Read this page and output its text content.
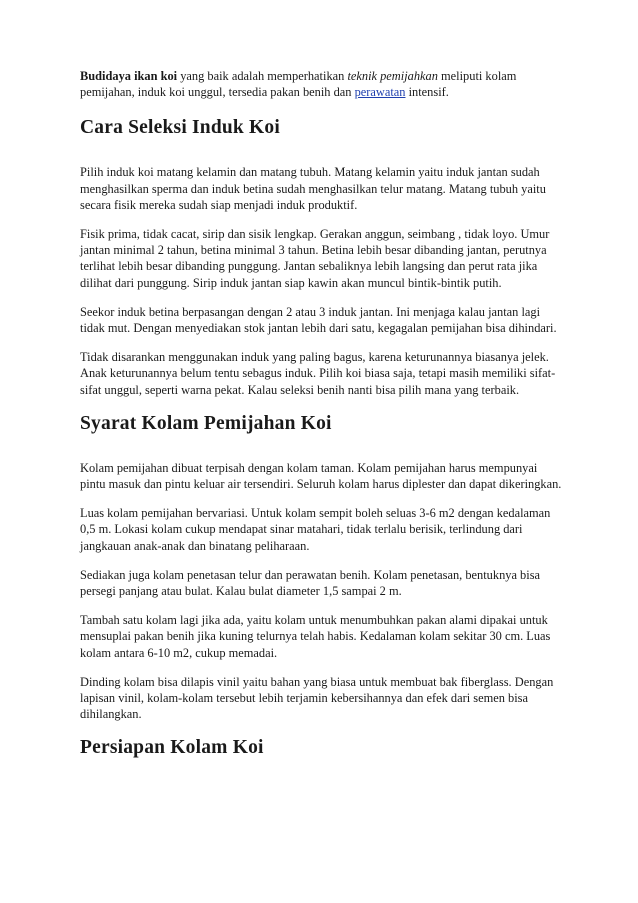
Budidaya ikan koi yang baik adalah memperhatikan teknik pemijahkan meliputi kolam pemijahan, induk koi unggul, tersedia pakan benih dan perawatan intensif.

Cara Seleksi Induk Koi

Pilih induk koi matang kelamin dan matang tubuh. Matang kelamin yaitu induk jantan sudah menghasilkan sperma dan induk betina sudah menghasilkan telur matang. Matang tubuh yaitu secara fisik mereka sudah siap menjadi induk produktif.

Fisik prima, tidak cacat, sirip dan sisik lengkap. Gerakan anggun, seimbang , tidak loyo. Umur jantan minimal 2 tahun, betina minimal 3 tahun. Betina lebih besar dibanding jantan, perutnya terlihat lebih besar dibanding punggung. Jantan sebaliknya lebih langsing dan perut rata jika dilihat dari punggung. Sirip induk jantan siap kawin akan muncul bintik-bintik putih.

Seekor induk betina berpasangan dengan 2 atau 3 induk jantan. Ini menjaga kalau jantan lagi tidak mut. Dengan menyediakan stok jantan lebih dari satu, kegagalan pemijahan bisa dihindari.

Tidak disarankan menggunakan induk yang paling bagus, karena keturunannya biasanya jelek. Anak keturunannya belum tentu sebagus induk. Pilih koi biasa saja, tetapi masih memiliki sifat-sifat unggul, seperti warna pekat. Kalau seleksi benih nanti bisa pilih mana yang terbaik.

Syarat Kolam Pemijahan Koi

Kolam pemijahan dibuat terpisah dengan kolam taman. Kolam pemijahan harus mempunyai pintu masuk dan pintu keluar air tersendiri. Seluruh kolam harus diplester dan dapat dikeringkan.

Luas kolam pemijahan bervariasi. Untuk kolam sempit boleh seluas 3-6 m2 dengan kedalaman 0,5 m. Lokasi kolam cukup mendapat sinar matahari, tidak terlalu berisik, terlindung dari jangkauan anak-anak dan binatang peliharaan.

Sediakan juga kolam penetasan telur dan perawatan benih. Kolam penetasan, bentuknya bisa persegi panjang atau bulat. Kalau bulat diameter 1,5 sampai 2 m.

Tambah satu kolam lagi jika ada, yaitu kolam untuk menumbuhkan pakan alami dipakai untuk mensuplai pakan benih jika kuning telurnya telah habis. Kedalaman kolam sekitar 30 cm. Luas kolam antara 6-10 m2, cukup memadai.

Dinding kolam bisa dilapis vinil yaitu bahan yang biasa untuk membuat bak fiberglass. Dengan lapisan vinil, kolam-kolam tersebut lebih terjamin kebersihannya dan efek dari semen bisa dihilangkan.

Persiapan Kolam Koi
